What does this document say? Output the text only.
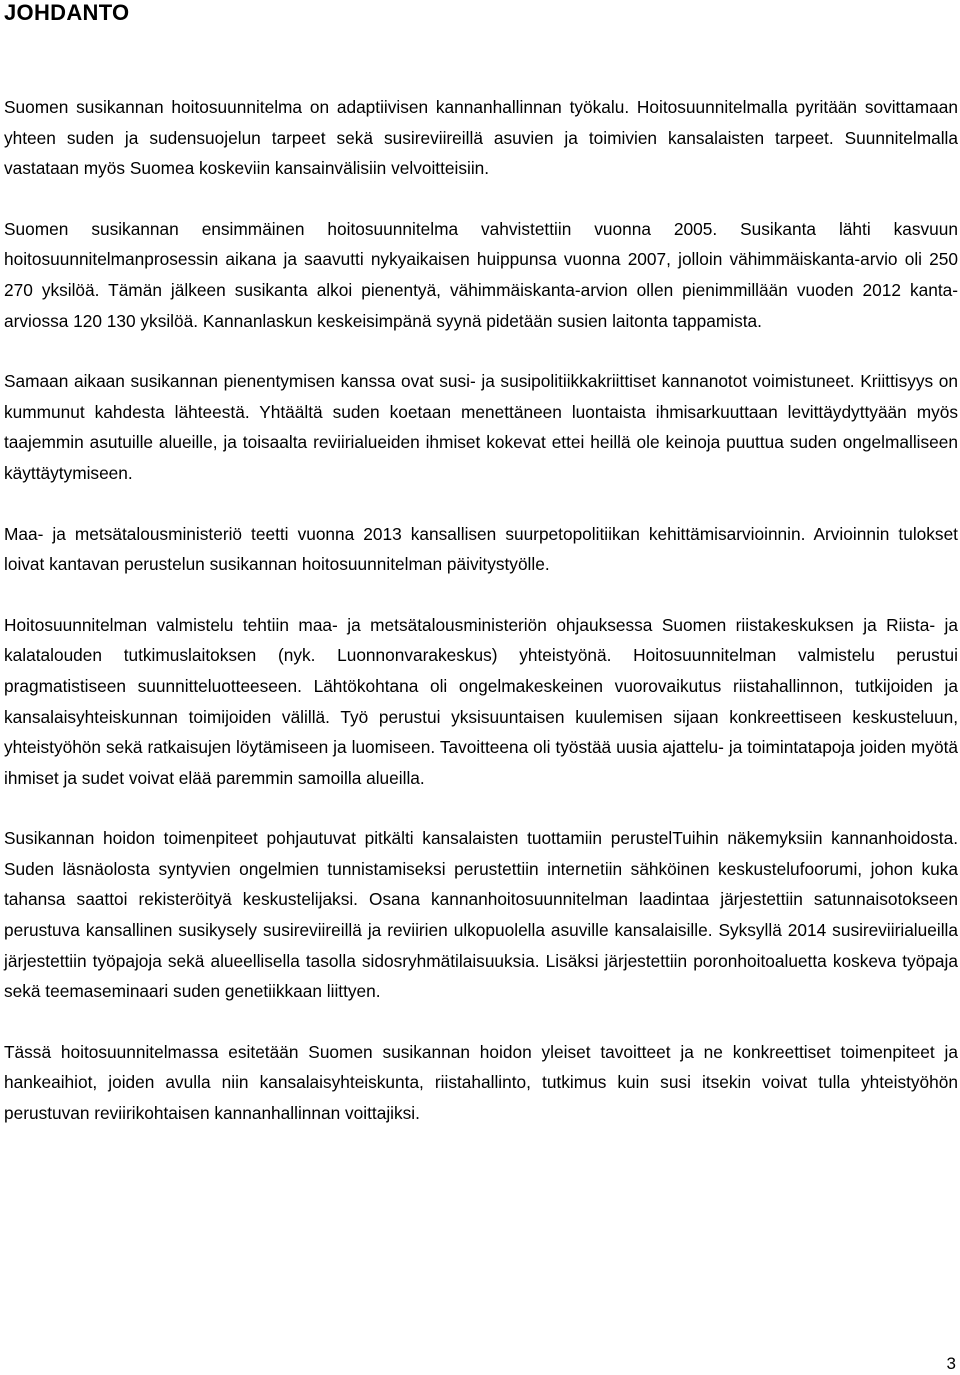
JOHDANTO

Suomen susikannan hoitosuunnitelma on adaptiivisen kannanhallinnan työkalu. Hoitosuunnitelmalla pyritään sovittamaan yhteen suden ja sudensuojelun tarpeet sekä susireviireillä asuvien ja toimivien kansalaisten tarpeet. Suunnitelmalla vastataan myös Suomea koskeviin kansainvälisiin velvoitteisiin.

Suomen susikannan ensimmäinen hoitosuunnitelma vahvistettiin vuonna 2005. Susikanta lähti kasvuun hoitosuunnitelmanprosessin aikana ja saavutti nykyaikaisen huippunsa vuonna 2007, jolloin vähimmäiskanta-arvio oli 250 270 yksilöä. Tämän jälkeen susikanta alkoi pienentyä, vähimmäiskanta-arvion ollen pienimmillään vuoden 2012 kanta-arviossa 120 130 yksilöä. Kannanlaskun keskeisimpänä syynä pidetään susien laitonta tappamista.

Samaan aikaan susikannan pienentymisen kanssa ovat susi- ja susipolitiikkakriittiset kannanotot voimistuneet. Kriittisyys on kummunut kahdesta lähteestä. Yhtäältä suden koetaan menettäneen luontaista ihmisarkuuttaan levittäydyttyään myös taajemmin asutuille alueille, ja toisaalta reviirialueiden ihmiset kokevat ettei heillä ole keinoja puuttua suden ongelmalliseen käyttäytymiseen.

Maa- ja metsätalousministeriö teetti vuonna 2013 kansallisen suurpetopolitiikan kehittämisarvioinnin. Arvioinnin tulokset loivat kantavan perustelun susikannan hoitosuunnitelman päivitystyölle.

Hoitosuunnitelman valmistelu tehtiin maa- ja metsätalousministeriön ohjauksessa Suomen riistakeskuksen ja Riista- ja kalatalouden tutkimuslaitoksen (nyk. Luonnonvarakeskus) yhteistyönä. Hoitosuunnitelman valmistelu perustui pragmatistiseen suunnitteluotteeseen. Lähtökohtana oli ongelmakeskeinen vuorovaikutus riistahallinnon, tutkijoiden ja kansalaisyhteiskunnan toimijoiden välillä. Työ perustui yksisuuntaisen kuulemisen sijaan konkreettiseen keskusteluun, yhteistyöhön sekä ratkaisujen löytämiseen ja luomiseen. Tavoitteena oli työstää uusia ajattelu- ja toimintatapoja joiden myötä ihmiset ja sudet voivat elää paremmin samoilla alueilla.

Susikannan hoidon toimenpiteet pohjautuvat pitkälti kansalaisten tuottamiin perustelTuihin näkemyksiin kannanhoidosta. Suden läsnäolosta syntyvien ongelmien tunnistamiseksi perustettiin internetiin sähköinen keskustelufoorumi, johon kuka tahansa saattoi rekisteröityä keskustelijaksi. Osana kannanhoitosuunnitelman laadintaa järjestettiin satunnaisotokseen perustuva kansallinen susikysely susireviireillä ja reviirien ulkopuolella asuville kansalaisille. Syksyllä 2014 susireviirialueilla järjestettiin työpajoja sekä alueellisella tasolla sidosryhmätilaisuuksia. Lisäksi järjestettiin poronhoitoaluetta koskeva työpaja sekä teemaseminaari suden genetiikkaan liittyen.

Tässä hoitosuunnitelmassa esitetään Suomen susikannan hoidon yleiset tavoitteet ja ne konkreettiset toimenpiteet ja hankeaihiot, joiden avulla niin kansalaisyhteiskunta, riistahallinto, tutkimus kuin susi itsekin voivat tulla yhteistyöhön perustuvan reviirikohtaisen kannanhallinnan voittajiksi.

3
